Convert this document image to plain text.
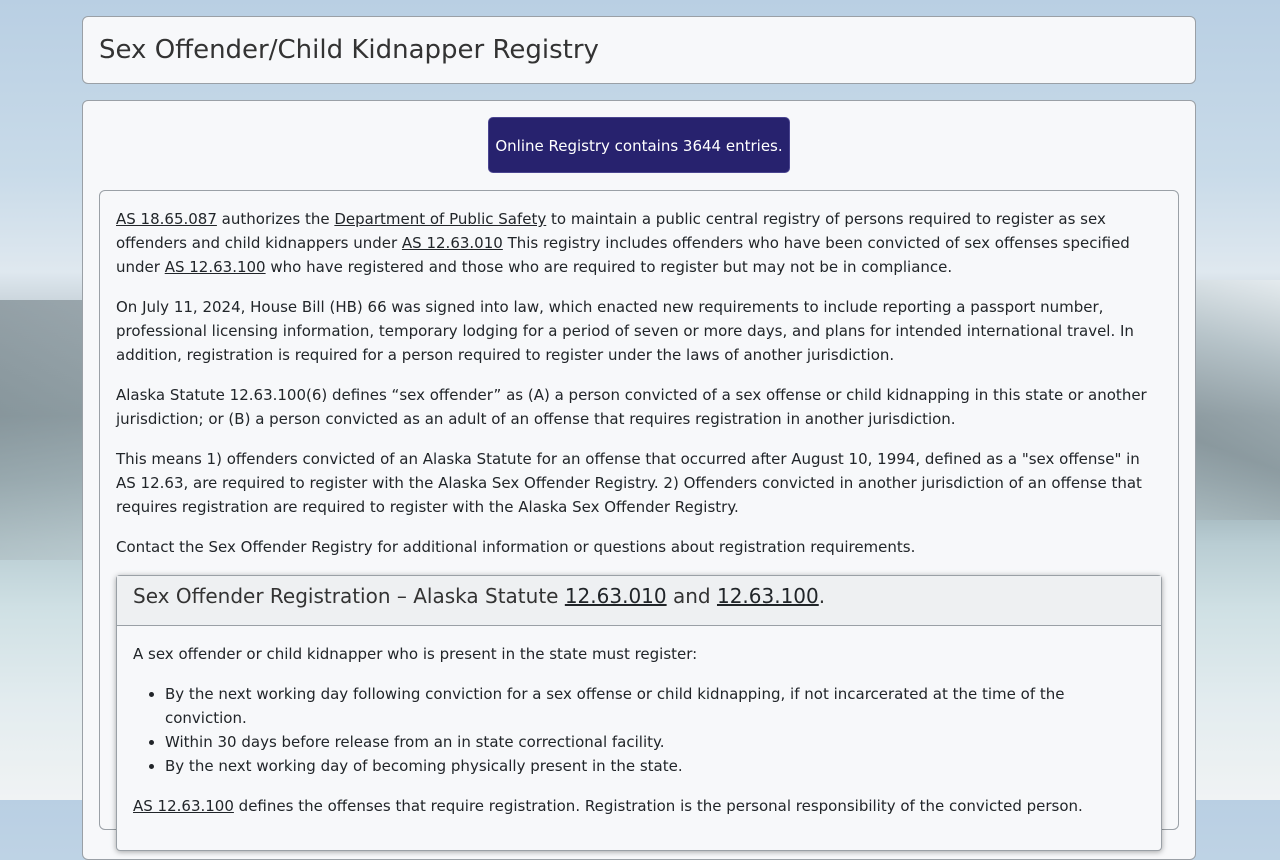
Sex Offender/Child Kidnapper Registry
Online Registry contains 3644 entries.

AS 18.65.087 authorizes the Department of Public Safety to maintain a public central registry of persons required to register as sex offenders and child kidnappers under AS 12.63.010 This registry includes offenders who have been convicted of sex offenses specified under AS 12.63.100 who have registered and those who are required to register but may not be in compliance.

On July 11, 2024, House Bill (HB) 66 was signed into law, which enacted new requirements to include reporting a passport number, professional licensing information, temporary lodging for a period of seven or more days, and plans for intended international travel. In addition, registration is required for a person required to register under the laws of another jurisdiction.

Alaska Statute 12.63.100(6) defines “sex offender” as (A) a person convicted of a sex offense or child kidnapping in this state or another jurisdiction; or (B) a person convicted as an adult of an offense that requires registration in another jurisdiction.

This means 1) offenders convicted of an Alaska Statute for an offense that occurred after August 10, 1994, defined as a "sex offense" in AS 12.63, are required to register with the Alaska Sex Offender Registry. 2) Offenders convicted in another jurisdiction of an offense that requires registration are required to register with the Alaska Sex Offender Registry.

Contact the Sex Offender Registry for additional information or questions about registration requirements.

Sex Offender Registration – Alaska Statute 12.63.010 and 12.63.100.

A sex offender or child kidnapper who is present in the state must register:

• By the next working day following conviction for a sex offense or child kidnapping, if not incarcerated at the time of the conviction.
• Within 30 days before release from an in state correctional facility.
• By the next working day of becoming physically present in the state.

AS 12.63.100 defines the offenses that require registration. Registration is the personal responsibility of the convicted person.
